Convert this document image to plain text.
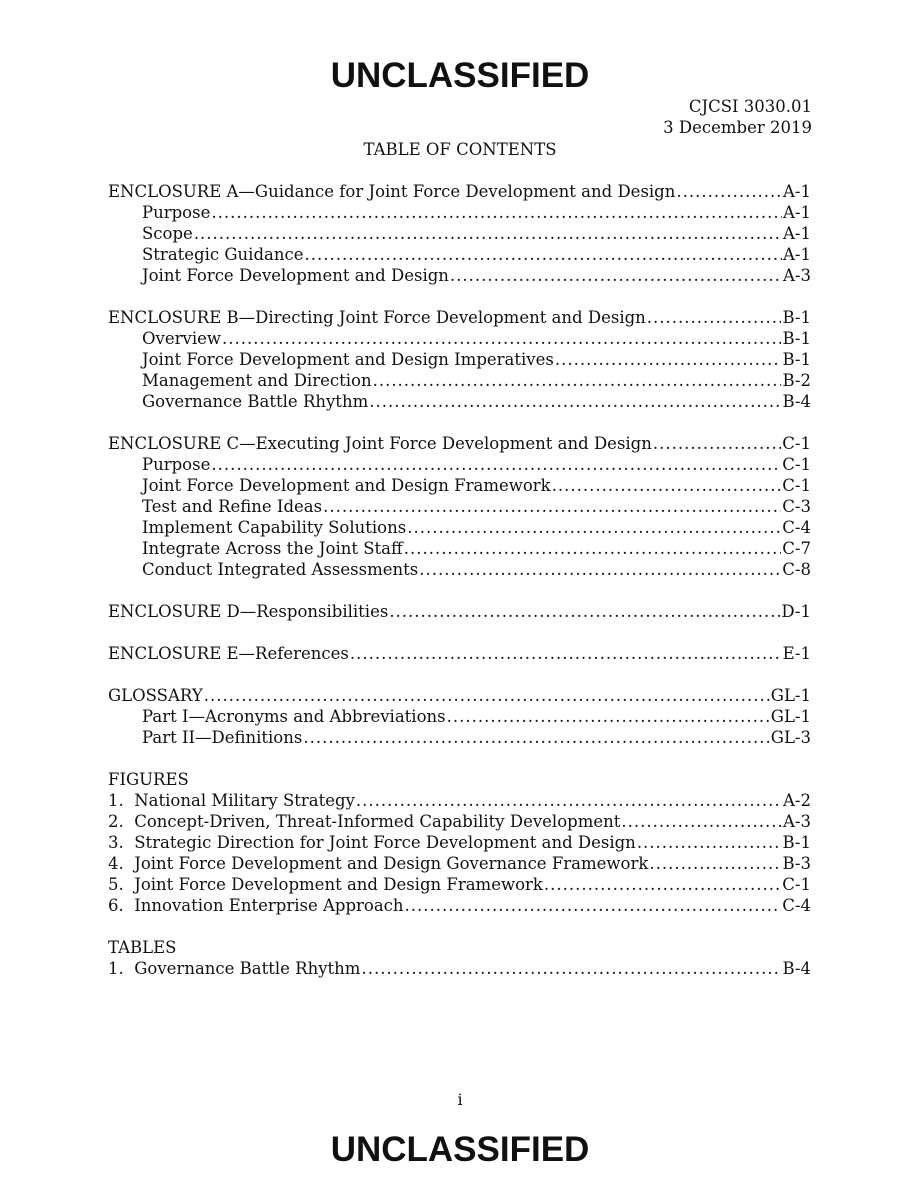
UNCLASSIFIED
CJCSI 3030.01
3 December 2019
TABLE OF CONTENTS
ENCLOSURE A—Guidance for Joint Force Development and Design .....	A-1
Purpose .....	A-1
Scope .....	A-1
Strategic Guidance .....	A-1
Joint Force Development and Design .....	A-3
ENCLOSURE B—Directing Joint Force Development and Design .....	B-1
Overview .....	B-1
Joint Force Development and Design Imperatives .....	B-1
Management and Direction .....	B-2
Governance Battle Rhythm .....	B-4
ENCLOSURE C—Executing Joint Force Development and Design .....	C-1
Purpose .....	C-1
Joint Force Development and Design Framework .....	C-1
Test and Refine Ideas .....	C-3
Implement Capability Solutions .....	C-4
Integrate Across the Joint Staff .....	C-7
Conduct Integrated Assessments .....	C-8
ENCLOSURE D—Responsibilities .....	D-1
ENCLOSURE E—References .....	E-1
GLOSSARY .....	GL-1
Part I—Acronyms and Abbreviations .....	GL-1
Part II—Definitions .....	GL-3
FIGURES
1.  National Military Strategy .....	A-2
2.  Concept-Driven, Threat-Informed Capability Development .....	A-3
3.  Strategic Direction for Joint Force Development and Design .....	B-1
4.  Joint Force Development and Design Governance Framework .....	B-3
5.  Joint Force Development and Design Framework .....	C-1
6.  Innovation Enterprise Approach .....	C-4
TABLES
1.  Governance Battle Rhythm .....	B-4
i
UNCLASSIFIED
